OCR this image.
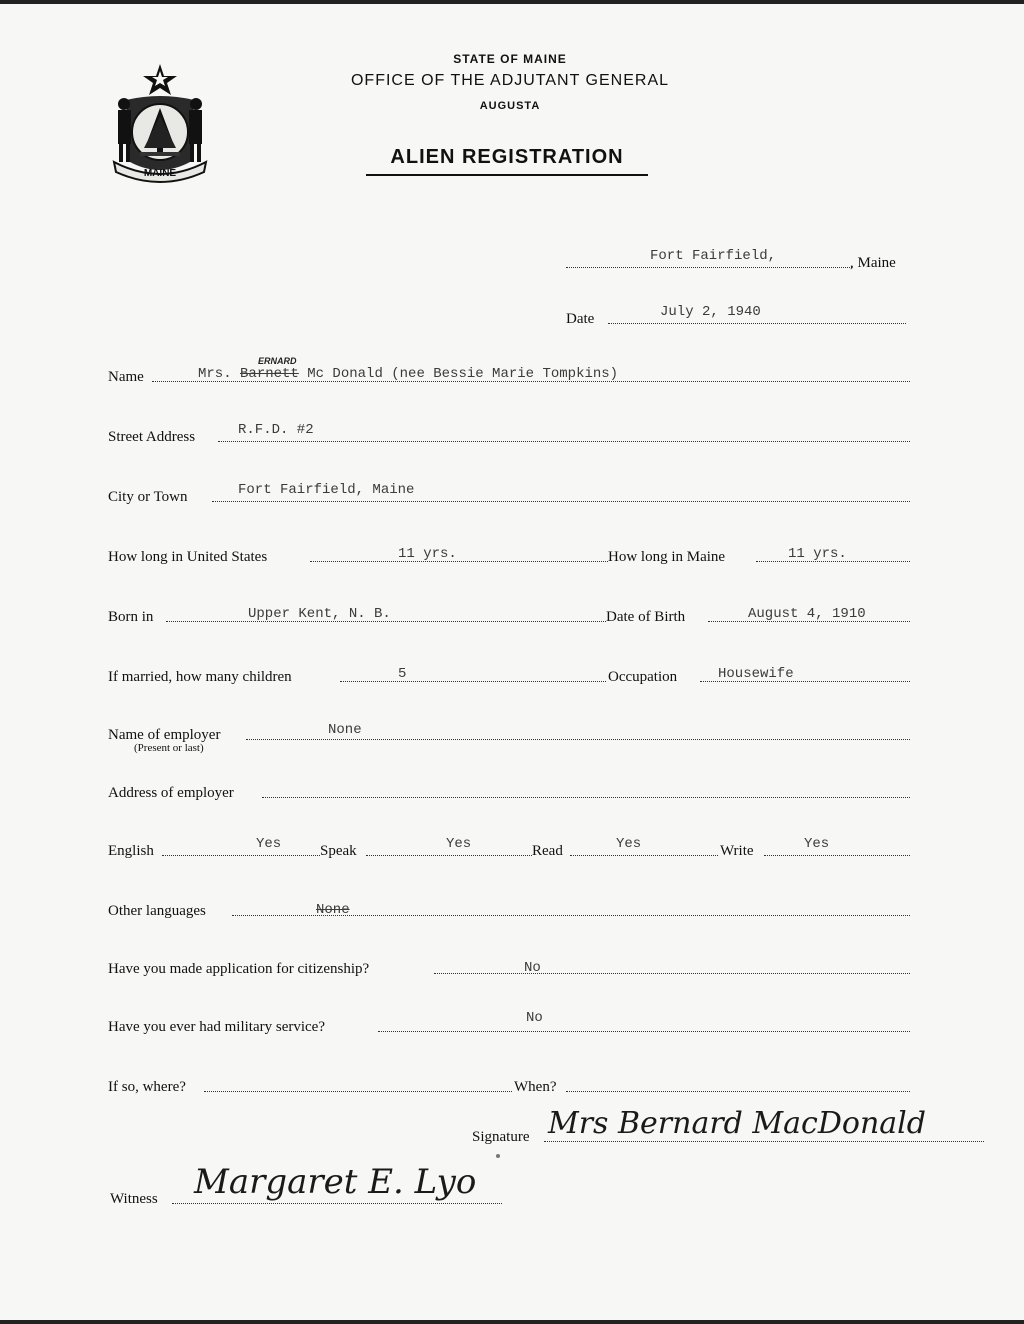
MAINE
STATE OF MAINE
OFFICE OF THE ADJUTANT GENERAL
AUGUSTA
ALIEN REGISTRATION
Fort Fairfield,	, Maine
Date	July 2, 1940
Name	Mrs. Barnett Mc Donald (nee Bessie Marie Tompkins)
ERNARD
Street Address	R.F.D. #2
City or Town	Fort Fairfield, Maine
How long in United States	11 yrs.	How long in Maine	11 yrs.
Born in	Upper Kent, N. B.	Date of Birth	August 4, 1910
If married, how many children	5	Occupation	Housewife
Name of employer	None
(Present or last)
Address of employer
English	Yes	Speak	Yes	Read	Yes	Write	Yes
Other languages	None
Have you made application for citizenship?	No
Have you ever had military service?
No
If so, where?	When?
Signature Mrs Bernard MacDonald
Witness Margaret E. Lyo
